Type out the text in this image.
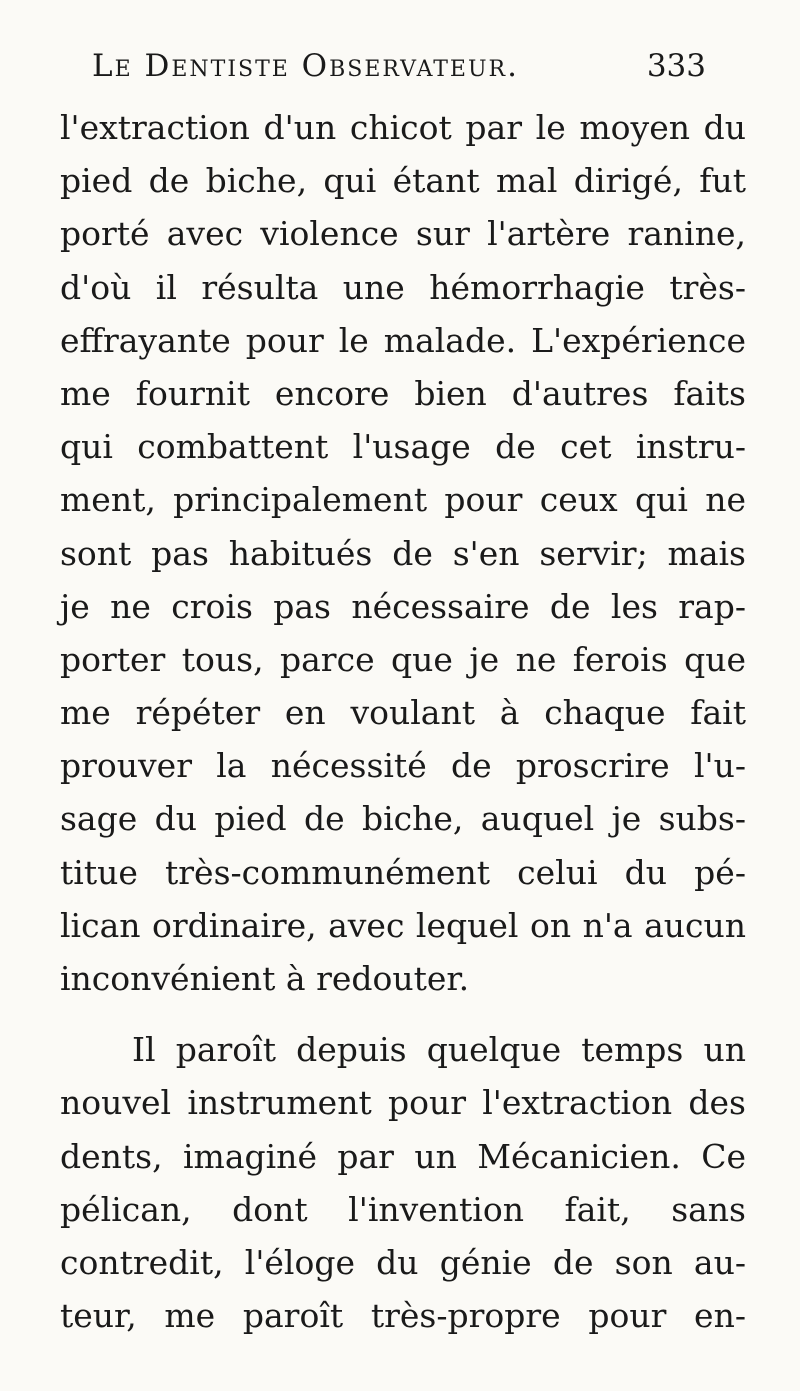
Le Dentiste Observateur.	333
l'extraction d'un chicot par le moyen du
pied de biche, qui étant mal dirigé, fut
porté avec violence sur l'artère ranine,
d'où il résulta une hémorrhagie très-
effrayante pour le malade. L'expérience
me fournit encore bien d'autres faits
qui combattent l'usage de cet instru-
ment, principalement pour ceux qui ne
sont pas habitués de s'en servir; mais
je ne crois pas nécessaire de les rap-
porter tous, parce que je ne ferois que
me répéter en voulant à chaque fait
prouver la nécessité de proscrire l'u-
sage du pied de biche, auquel je subs-
titue très-communément celui du pé-
lican ordinaire, avec lequel on n'a aucun
inconvénient à redouter.
Il paroît depuis quelque temps un
nouvel instrument pour l'extraction des
dents, imaginé par un Mécanicien. Ce
pélican, dont l'invention fait, sans
contredit, l'éloge du génie de son au-
teur, me paroît très-propre pour en-
